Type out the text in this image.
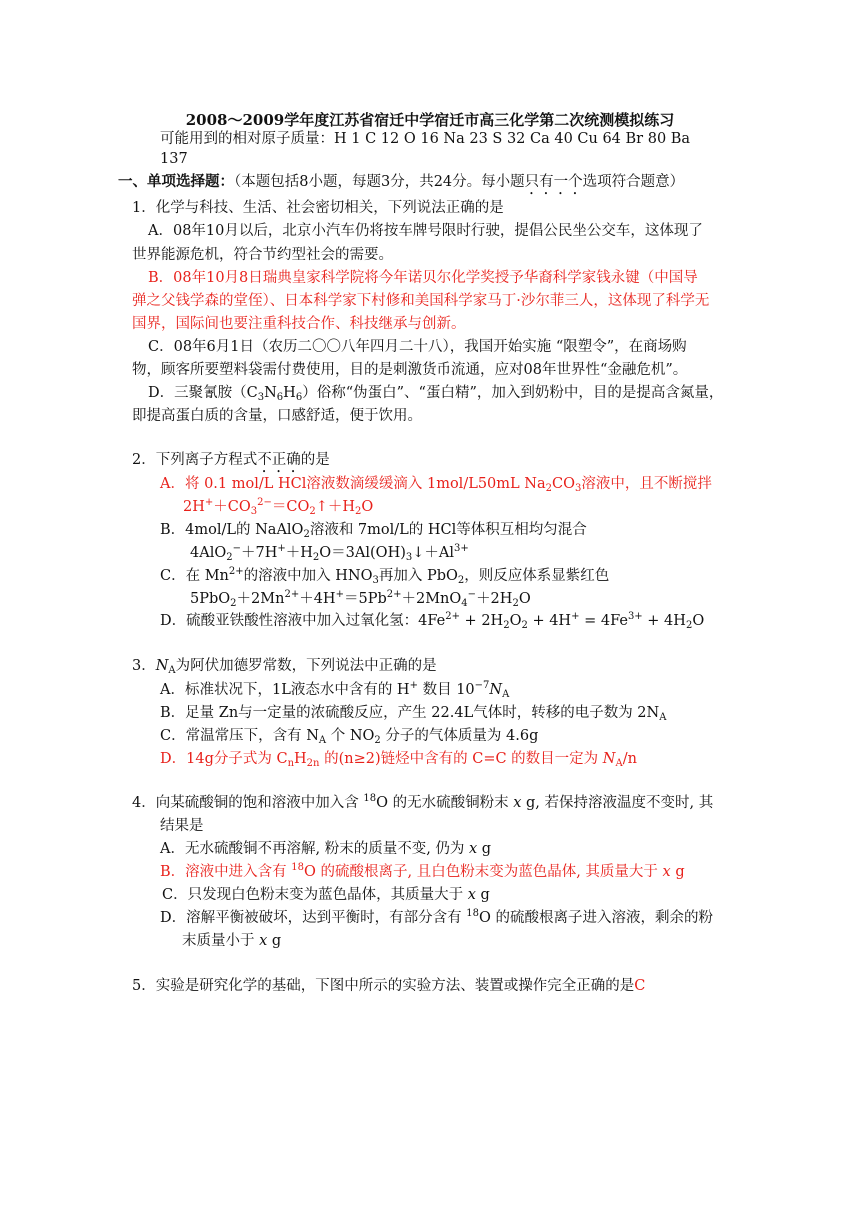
2008～2009学年度江苏省宿迁中学宿迁市高三化学第二次统测模拟练习
可能用到的相对原子质量：H 1 C 12 O 16 Na 23 S 32 Ca 40 Cu 64 Br 80 Ba
137
一、单项选择题：（本题包括8小题，每题3分，共24分。每小题只有一个选项符合题意）
1．化学与科技、生活、社会密切相关，下列说法正确的是
A．08年10月以后，北京小汽车仍将按车牌号限时行驶，提倡公民坐公交车，这体现了
世界能源危机，符合节约型社会的需要。
B．08年10月8日瑞典皇家科学院将今年诺贝尔化学奖授予华裔科学家钱永键（中国导
弹之父钱学森的堂侄）、日本科学家下村修和美国科学家马丁·沙尔菲三人，这体现了科学无
国界，国际间也要注重科技合作、科技继承与创新。
C．08年6月1日（农历二〇〇八年四月二十八），我国开始实施 “限塑令”，在商场购
物，顾客所要塑料袋需付费使用，目的是刺激货币流通，应对08年世界性“金融危机”。
D．三聚氰胺$(C_3N_6H_6)$俗称“伪蛋白”、“蛋白精”，加入到奶粉中，目的是提高含氮量，
即提高蛋白质的含量，口感舒适，便于饮用。
2．下列离子方程式不正确的是
A．将 0.1 mol/L HCl溶液数滴缓缓滴入 1mol/L50mL $Na_2CO_3$溶液中，且不断搅拌
$2H^++CO_3^{2-}=CO_2↑+H_2O$
B．4mol/L的 NaAlO$_2$溶液和 7mol/L的 HCl等体积互相均匀混合
$4AlO_2^-+7H^++H_2O=3Al(OH)_3↓+Al^{3+}$
C．在 $Mn^{2+}$的溶液中加入 $HNO_3$再加入 PbO$_2$，则反应体系显紫红色
$5PbO_2+2Mn^{2+}+4H^+=5Pb^{2+}+2MnO_4^-+2H_2O$
D．硫酸亚铁酸性溶液中加入过氧化氢：$4Fe^{2+} + 2H_2O_2 + 4H^+ = 4Fe^{3+} + 4H_2O$
3．$N_A$为阿伏加德罗常数，下列说法中正确的是
A．标准状况下，1L液态水中含有的 H+ 数目 $10^{-7}N_A$
B．足量 Zn与一定量的浓硫酸反应，产生 22.4L气体时，转移的电子数为 $2N_A$
C．常温常压下，含有 $N_A$ 个 $NO_2$ 分子的气体质量为 4.6g
D．14g分子式为 $C_nH_{2n}$ 的(n≥2)链烃中含有的 C=C 的数目一定为 $N_A/n$
4．向某硫酸铜的饱和溶液中加入含 $^{18}$O 的无水硫酸铜粉末 x g, 若保持溶液温度不变时, 其
结果是
A．无水硫酸铜不再溶解, 粉末的质量不变, 仍为 x g
B．溶液中进入含有 $^{18}$O 的硫酸根离子, 且白色粉末变为蓝色晶体, 其质量大于 x g
C．只发现白色粉末变为蓝色晶体，其质量大于 x g
D．溶解平衡被破坏，达到平衡时，有部分含有 $^{18}$O 的硫酸根离子进入溶液，剩余的粉
末质量小于 x g
5．实验是研究化学的基础，下图中所示的实验方法、装置或操作完全正确的是C
